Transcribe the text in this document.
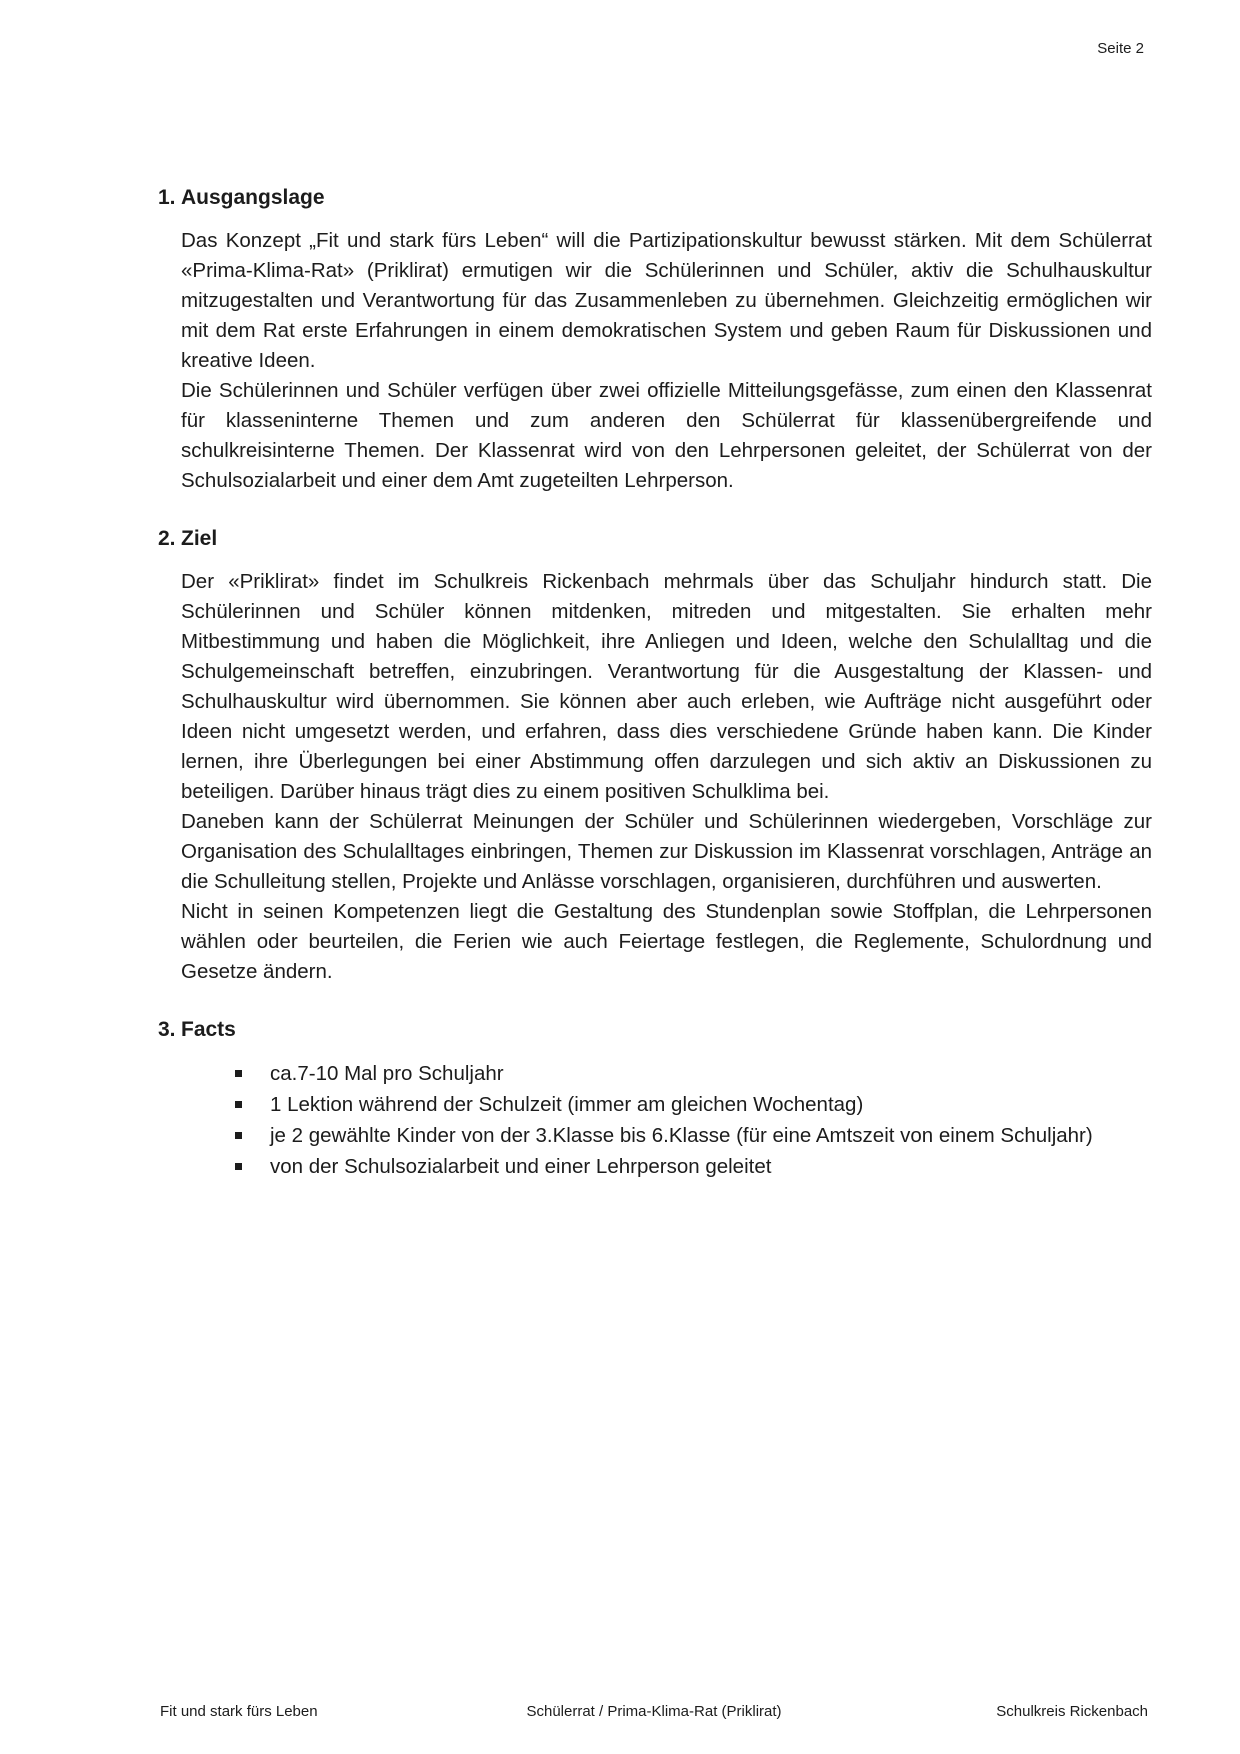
Seite 2
1. Ausgangslage

Das Konzept „Fit und stark fürs Leben“ will die Partizipationskultur bewusst stärken. Mit dem Schülerrat «Prima-Klima-Rat» (Priklirat) ermutigen wir die Schülerinnen und Schüler, aktiv die Schulhauskultur mitzugestalten und Verantwortung für das Zusammenleben zu übernehmen. Gleichzeitig ermöglichen wir mit dem Rat erste Erfahrungen in einem demokratischen System und geben Raum für Diskussionen und kreative Ideen.

Die Schülerinnen und Schüler verfügen über zwei offizielle Mitteilungsgefässe, zum einen den Klassenrat für klasseninterne Themen und zum anderen den Schülerrat für klassenübergreifende und schulkreisinterne Themen. Der Klassenrat wird von den Lehrpersonen geleitet, der Schülerrat von der Schulsozialarbeit und einer dem Amt zugeteilten Lehrperson.

2. Ziel

Der «Priklirat» findet im Schulkreis Rickenbach mehrmals über das Schuljahr hindurch statt. Die Schülerinnen und Schüler können mitdenken, mitreden und mitgestalten. Sie erhalten mehr Mitbestimmung und haben die Möglichkeit, ihre Anliegen und Ideen, welche den Schulalltag und die Schulgemeinschaft betreffen, einzubringen. Verantwortung für die Ausgestaltung der Klassen- und Schulhauskultur wird übernommen. Sie können aber auch erleben, wie Aufträge nicht ausgeführt oder Ideen nicht umgesetzt werden, und erfahren, dass dies verschiedene Gründe haben kann. Die Kinder lernen, ihre Überlegungen bei einer Abstimmung offen darzulegen und sich aktiv an Diskussionen zu beteiligen. Darüber hinaus trägt dies zu einem positiven Schulklima bei.

Daneben kann der Schülerrat Meinungen der Schüler und Schülerinnen wiedergeben, Vorschläge zur Organisation des Schulalltages einbringen, Themen zur Diskussion im Klassenrat vorschlagen, Anträge an die Schulleitung stellen, Projekte und Anlässe vorschlagen, organisieren, durchführen und auswerten.

Nicht in seinen Kompetenzen liegt die Gestaltung des Stundenplan sowie Stoffplan, die Lehrpersonen wählen oder beurteilen, die Ferien wie auch Feiertage festlegen, die Reglemente, Schulordnung und Gesetze ändern.

3. Facts
ca.7-10 Mal pro Schuljahr
1 Lektion während der Schulzeit (immer am gleichen Wochentag)
je 2 gewählte Kinder von der 3.Klasse bis 6.Klasse (für eine Amtszeit von einem Schuljahr)
von der Schulsozialarbeit und einer Lehrperson geleitet
Fit und stark fürs Leben	Schülerrat / Prima-Klima-Rat (Priklirat)	Schulkreis Rickenbach
